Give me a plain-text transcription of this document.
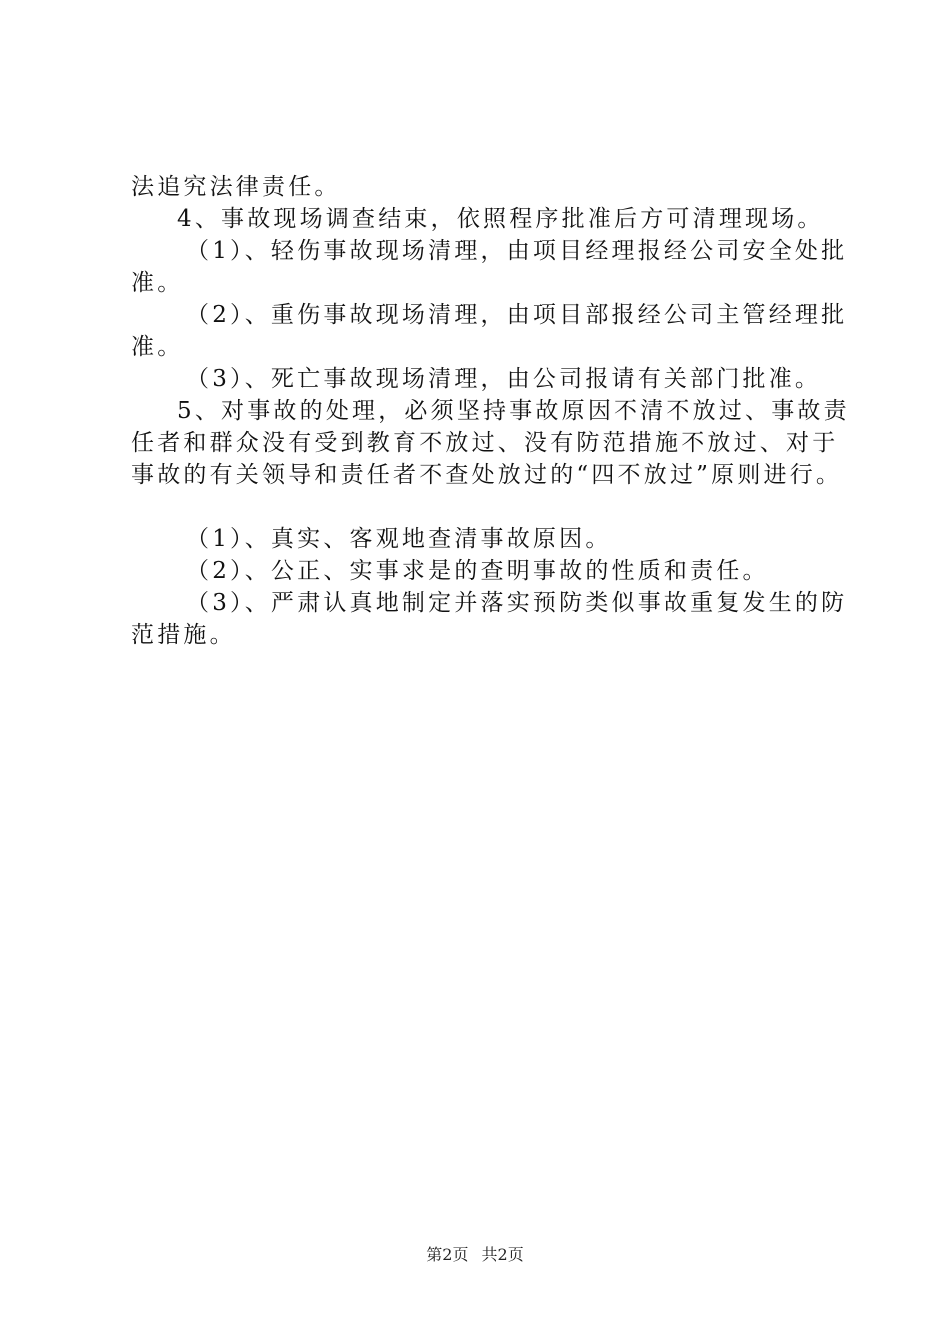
法追究法律责任。
4、事故现场调查结束，依照程序批准后方可清理现场。
（1）、轻伤事故现场清理，由项目经理报经公司安全处批
准。
（2）、重伤事故现场清理，由项目部报经公司主管经理批
准。
（3）、死亡事故现场清理，由公司报请有关部门批准。
5、对事故的处理，必须坚持事故原因不清不放过、事故责
任者和群众没有受到教育不放过、没有防范措施不放过、对于
事故的有关领导和责任者不查处放过的“四不放过”原则进行。
（1）、真实、客观地查清事故原因。
（2）、公正、实事求是的查明事故的性质和责任。
（3）、严肃认真地制定并落实预防类似事故重复发生的防
范措施。
第2页 共2页
